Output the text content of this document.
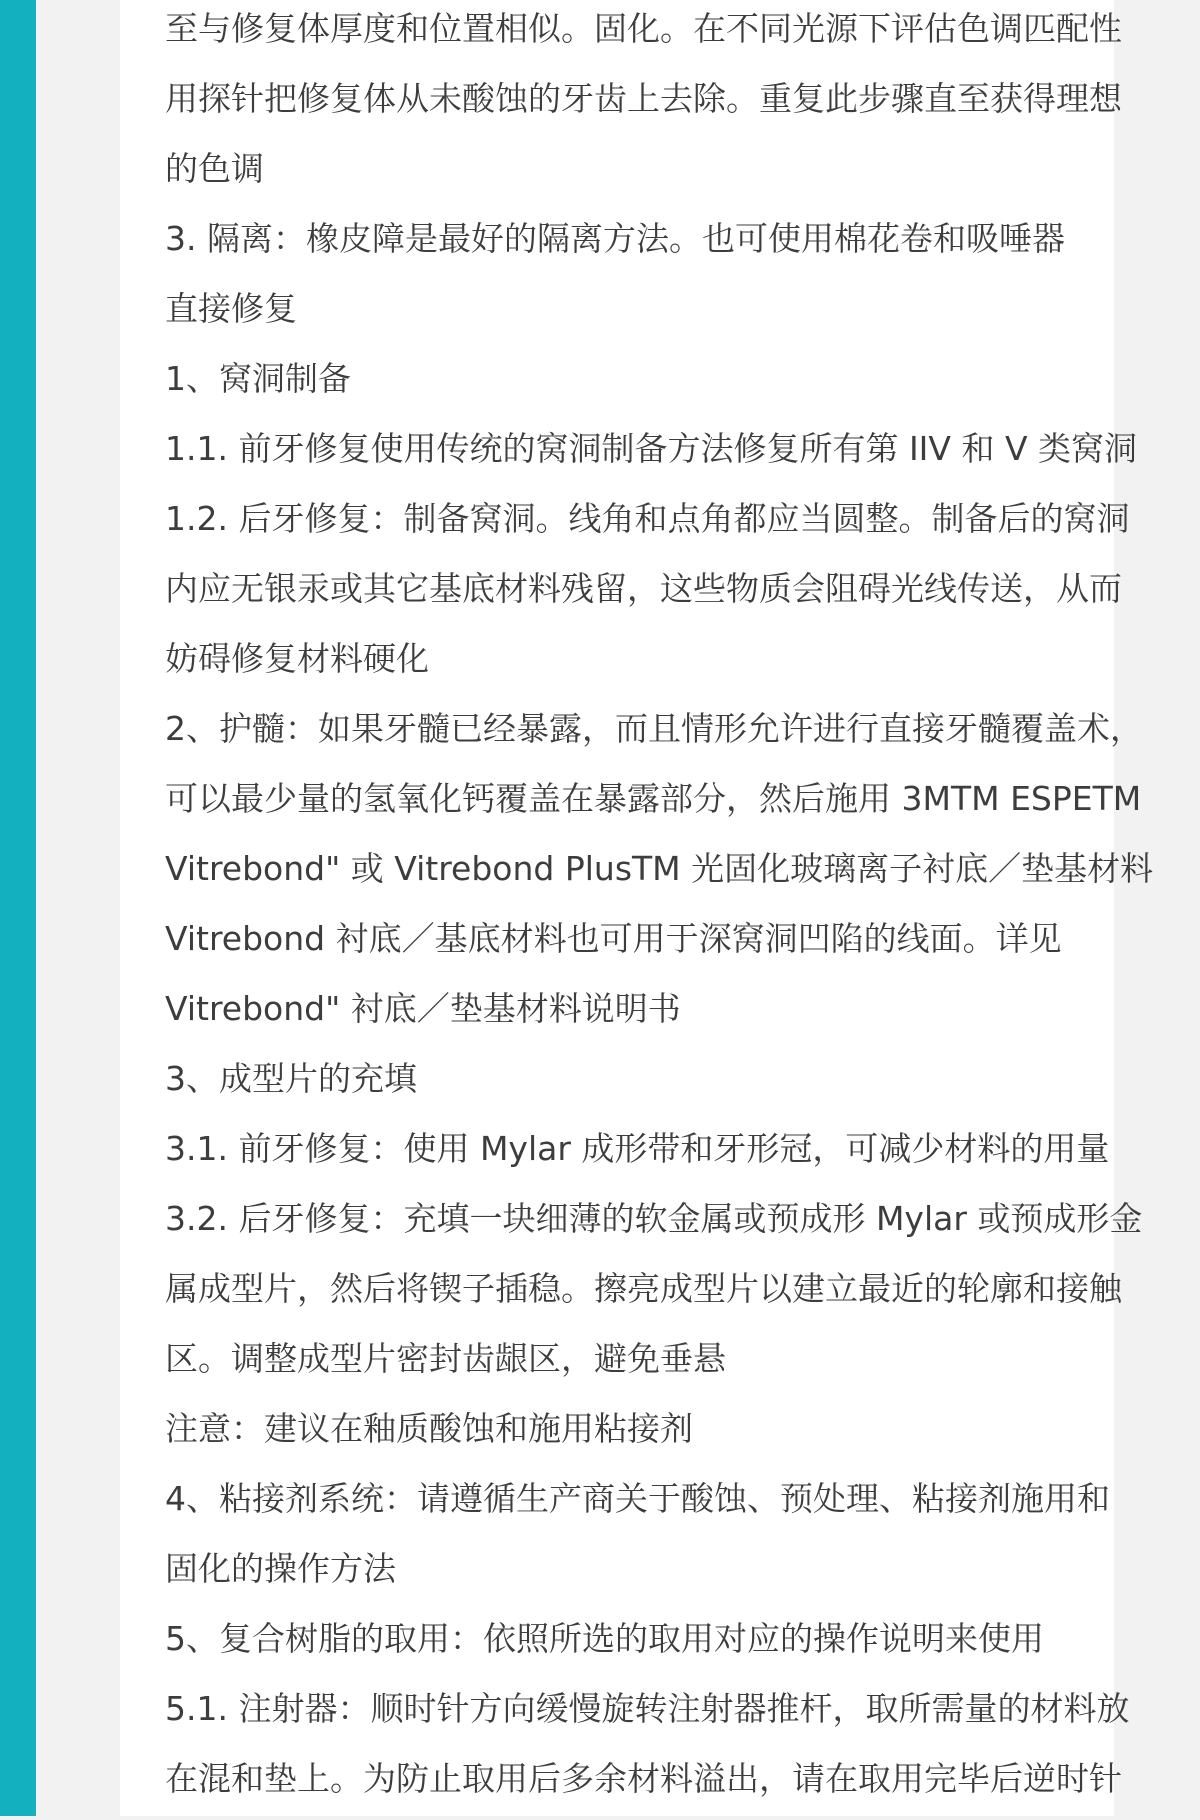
至与修复体厚度和位置相似。固化。在不同光源下评估色调匹配性
用探针把修复体从未酸蚀的牙齿上去除。重复此步骤直至获得理想
的色调
3. 隔离：橡皮障是最好的隔离方法。也可使用棉花卷和吸唾器
直接修复
1、窝洞制备
1.1. 前牙修复使用传统的窝洞制备方法修复所有第 IIV 和 V 类窝洞
1.2. 后牙修复：制备窝洞。线角和点角都应当圆整。制备后的窝洞
内应无银汞或其它基底材料残留，这些物质会阻碍光线传送，从而
妨碍修复材料硬化
2、护髓：如果牙髓已经暴露，而且情形允许进行直接牙髓覆盖术，
可以最少量的氢氧化钙覆盖在暴露部分，然后施用 3MTM ESPETM
Vitrebond" 或 Vitrebond PlusTM 光固化玻璃离子衬底／垫基材料
Vitrebond 衬底／基底材料也可用于深窝洞凹陷的线面。详见
Vitrebond" 衬底／垫基材料说明书
3、成型片的充填
3.1. 前牙修复：使用 Mylar 成形带和牙形冠，可减少材料的用量
3.2. 后牙修复：充填一块细薄的软金属或预成形 Mylar 或预成形金
属成型片，然后将锲子插稳。擦亮成型片以建立最近的轮廓和接触
区。调整成型片密封齿龈区，避免垂悬
注意：建议在釉质酸蚀和施用粘接剂
4、粘接剂系统：请遵循生产商关于酸蚀、预处理、粘接剂施用和
固化的操作方法
5、复合树脂的取用：依照所选的取用对应的操作说明来使用
5.1. 注射器：顺时针方向缓慢旋转注射器推杆，取所需量的材料放
在混和垫上。为防止取用后多余材料溢出，请在取用完毕后逆时针
